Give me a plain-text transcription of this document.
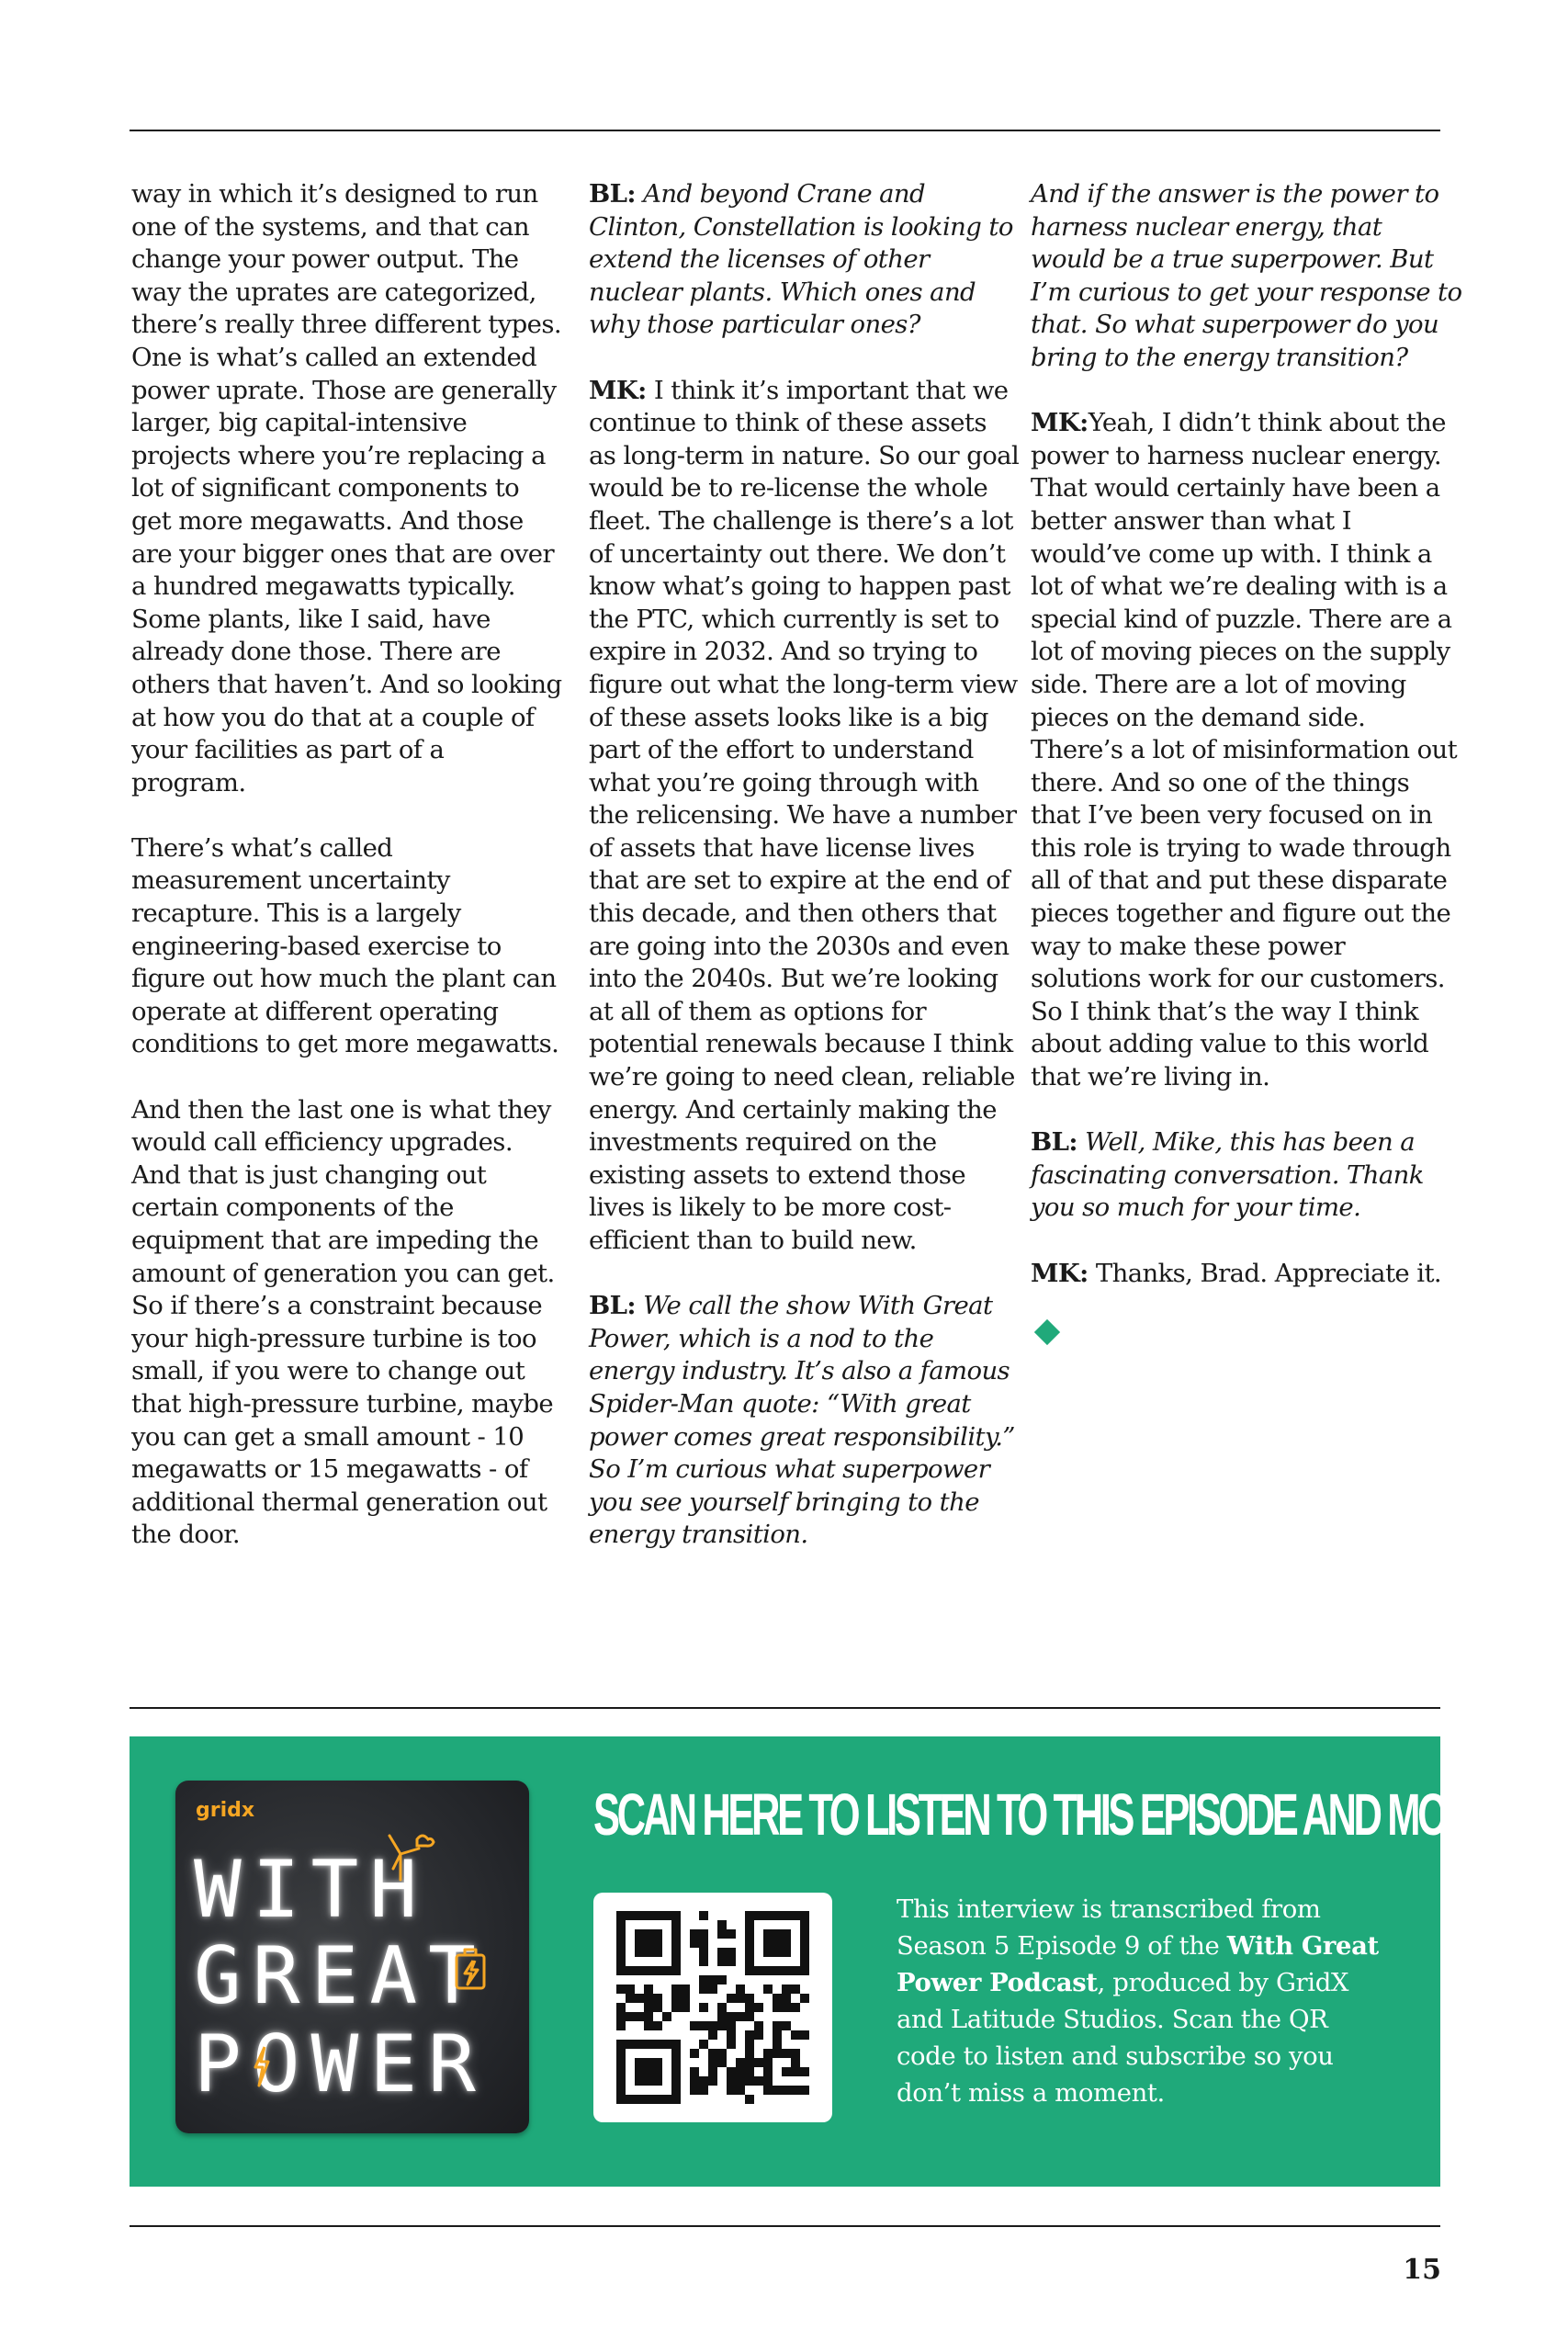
way in which it’s designed to run one of the systems, and that can change your power output. The way the uprates are categorized, there’s really three different types. One is what’s called an extended power uprate. Those are generally larger, big capital-intensive projects where you’re replacing a lot of significant components to get more megawatts. And those are your bigger ones that are over a hundred megawatts typically. Some plants, like I said, have already done those. There are others that haven’t. And so looking at how you do that at a couple of your facilities as part of a program.

There’s what’s called measurement uncertainty recapture. This is a largely engineering-based exercise to figure out how much the plant can operate at different operating conditions to get more megawatts.

And then the last one is what they would call efficiency upgrades. And that is just changing out certain components of the equipment that are impeding the amount of generation you can get. So if there’s a constraint because your high-pressure turbine is too small, if you were to change out that high-pressure turbine, maybe you can get a small amount - 10 megawatts or 15 megawatts - of additional thermal generation out the door.

BL: And beyond Crane and Clinton, Constellation is looking to extend the licenses of other nuclear plants. Which ones and why those particular ones?

MK: I think it’s important that we continue to think of these assets as long-term in nature. So our goal would be to re-license the whole fleet. The challenge is there’s a lot of uncertainty out there. We don’t know what’s going to happen past the PTC, which currently is set to expire in 2032. And so trying to figure out what the long-term view of these assets looks like is a big part of the effort to understand what you’re going through with the relicensing. We have a number of assets that have license lives that are set to expire at the end of this decade, and then others that are going into the 2030s and even into the 2040s. But we’re looking at all of them as options for potential renewals because I think we’re going to need clean, reliable energy. And certainly making the investments required on the existing assets to extend those lives is likely to be more cost-efficient than to build new.

BL: We call the show With Great Power, which is a nod to the energy industry. It’s also a famous Spider-Man quote: “With great power comes great responsibility.” So I’m curious what superpower you see yourself bringing to the energy transition.

And if the answer is the power to harness nuclear energy, that would be a true superpower. But I’m curious to get your response to that. So what superpower do you bring to the energy transition?

MK:Yeah, I didn’t think about the power to harness nuclear energy. That would certainly have been a better answer than what I would’ve come up with. I think a lot of what we’re dealing with is a special kind of puzzle. There are a lot of moving pieces on the supply side. There are a lot of moving pieces on the demand side. There’s a lot of misinformation out there. And so one of the things that I’ve been very focused on in this role is trying to wade through all of that and put these disparate pieces together and figure out the way to make these power solutions work for our customers. So I think that’s the way I think about adding value to this world that we’re living in.

BL: Well, Mike, this has been a fascinating conversation. Thank you so much for your time.

MK: Thanks, Brad. Appreciate it.

gridx
WITH
GREAT
POWER
SCAN HERE TO LISTEN TO THIS EPISODE AND MORE
This interview is transcribed from Season 5 Episode 9 of the With Great Power Podcast, produced by GridX and Latitude Studios. Scan the QR code to listen and subscribe so you don’t miss a moment.
15
